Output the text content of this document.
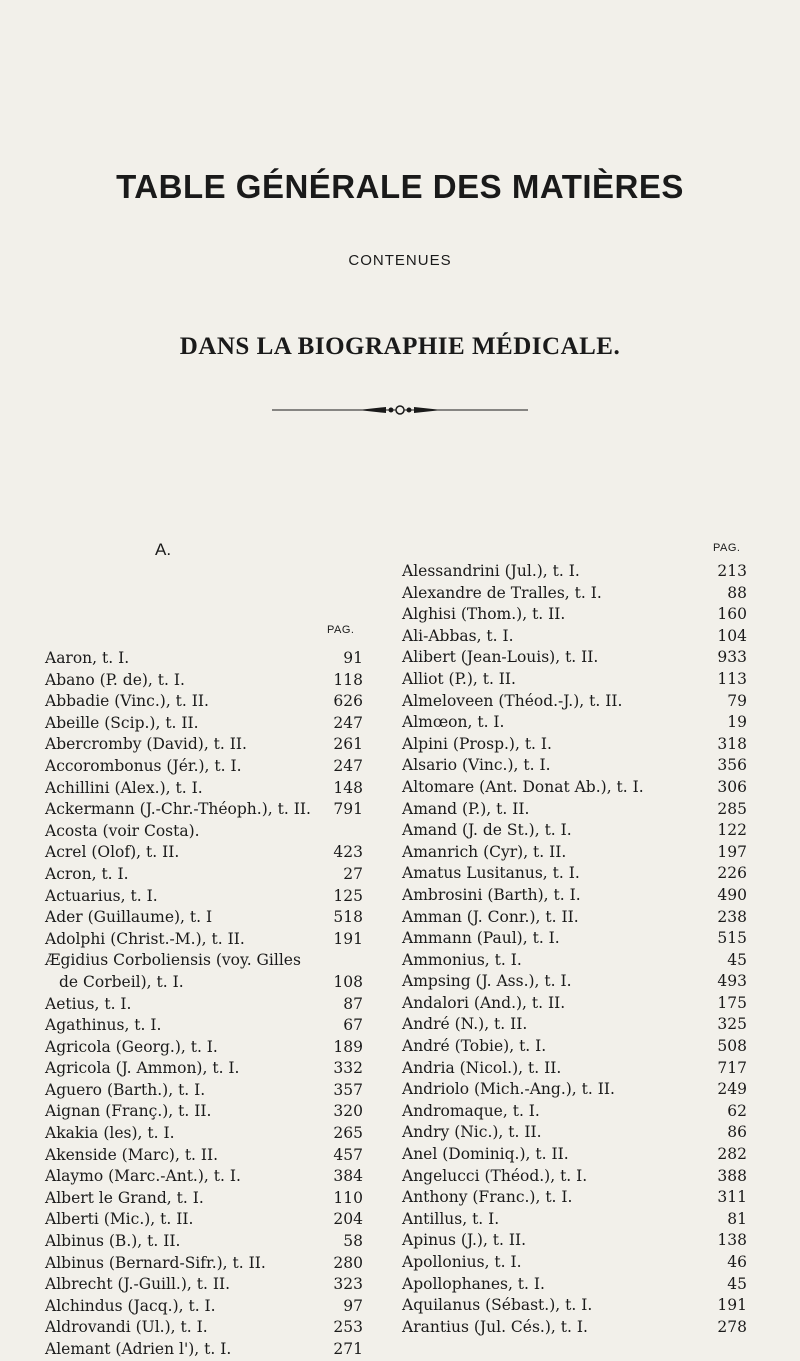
TABLE GÉNÉRALE DES MATIÈRES
CONTENUES
DANS LA BIOGRAPHIE MÉDICALE.
A.
PAG.
PAG.
Aaron, t. I.	91
Abano (P. de), t. I.	118
Abbadie (Vinc.), t. II.	626
Abeille (Scip.), t. II.	247
Abercromby (David), t. II.	261
Accorombonus (Jér.), t. I.	247
Achillini (Alex.), t. I.	148
Ackermann (J.-Chr.-Théoph.), t. II. 791
Acosta (voir Costa).
Acrel (Olof), t. II.	423
Acron, t. I.	27
Actuarius, t. I.	125
Ader (Guillaume), t. I	518
Adolphi (Christ.-M.), t. II.	191
Ægidius Corboliensis (voy. Gilles
de Corbeil), t. I.	108
Aetius, t. I.	87
Agathinus, t. I.	67
Agricola (Georg.), t. I.	189
Agricola (J. Ammon), t. I.	332
Aguero (Barth.), t. I.	357
Aignan (Franç.), t. II.	320
Akakia (les), t. I.	265
Akenside (Marc), t. II.	457
Alaymo (Marc.-Ant.), t. I.	384
Albert le Grand, t. I.	110
Alberti (Mic.), t. II.	204
Albinus (B.), t. II.	58
Albinus (Bernard-Sifr.), t. II.	280
Albrecht (J.-Guill.), t. II.	323
Alchindus (Jacq.), t. I.	97
Aldrovandi (Ul.), t. I.	253
Alemant (Adrien l'), t. I.	271
Alessandrini (Jul.), t. I.	213
Alexandre de Tralles, t. I.	88
Alghisi (Thom.), t. II.	160
Ali-Abbas, t. I.	104
Alibert (Jean-Louis), t. II.	933
Alliot (P.), t. II.	113
Almeloveen (Théod.-J.), t. II.	79
Almœon, t. I.	19
Alpini (Prosp.), t. I.	318
Alsario (Vinc.), t. I.	356
Altomare (Ant. Donat Ab.), t. I.	306
Amand (P.), t. II.	285
Amand (J. de St.), t. I.	122
Amanrich (Cyr), t. II.	197
Amatus Lusitanus, t. I.	226
Ambrosini (Barth), t. I.	490
Amman (J. Conr.), t. II.	238
Ammann (Paul), t. I.	515
Ammonius, t. I.	45
Ampsing (J. Ass.), t. I.	493
Andalori (And.), t. II.	175
André (N.), t. II.	325
André (Tobie), t. I.	508
Andria (Nicol.), t. II.	717
Andriolo (Mich.-Ang.), t. II.	249
Andromaque, t. I.	62
Andry (Nic.), t. II.	86
Anel (Dominiq.), t. II.	282
Angelucci (Théod.), t. I.	388
Anthony (Franc.), t. I.	311
Antillus, t. I.	81
Apinus (J.), t. II.	138
Apollonius, t. I.	46
Apollophanes, t. I.	45
Aquilanus (Sébast.), t. I.	191
Arantius (Jul. Cés.), t. I.	278
